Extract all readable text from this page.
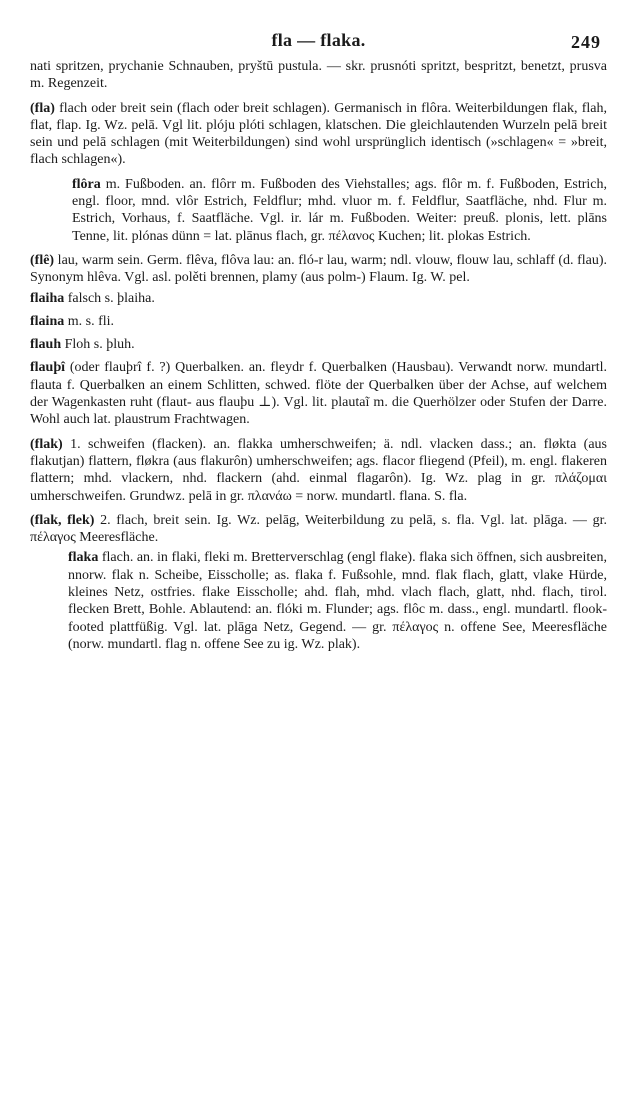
fla — flaka.	249

nati spritzen, prychanie Schnauben, pryštū pustula. — skr. prusnóti spritzt, bespritzt, benetzt, prusva m. Regenzeit.

(fla) flach oder breit sein (flach oder breit schlagen). Germanisch in flôra. Weiterbildungen flak, flah, flat, flap. Ig. Wz. pelā. Vgl lit. plóju plóti schlagen, klatschen. Die gleichlautenden Wurzeln pelā breit sein und pelā schlagen (mit Weiterbildungen) sind wohl ursprünglich identisch (»schlagen« = »breit, flach schlagen«).

flôra m. Fußboden. an. flôrr m. Fußboden des Viehstalles; ags. flôr m. f. Fußboden, Estrich, engl. floor, mnd. vlôr Estrich, Feldflur; mhd. vluor m. f. Feldflur, Saatfläche, nhd. Flur m. Estrich, Vorhaus, f. Saatfläche. Vgl. ir. lár m. Fußboden. Weiter: preuß. plonis, lett. plāns Tenne, lit. plónas dünn = lat. plānus flach, gr. πέλανος Kuchen; lit. plokas Estrich.

(flê) lau, warm sein. Germ. flêva, flôva lau: an. fló-r lau, warm; ndl. vlouw, flouw lau, schlaff (d. flau). Synonym hlêva. Vgl. asl. polěti brennen, plamy (aus polm-) Flaum. Ig. W. pel.

flaiha falsch s. þlaiha.

flaina m. s. fli.

flauh Floh s. þluh.

flauþî (oder flauþrî f. ?) Querbalken. an. fleydr f. Querbalken (Hausbau). Verwandt norw. mundartl. flauta f. Querbalken an einem Schlitten, schwed. flöte der Querbalken über der Achse, auf welchem der Wagenkasten ruht (flaut- aus flauþu ⊥). Vgl. lit. plautaĩ m. die Querhölzer oder Stufen der Darre. Wohl auch lat. plaustrum Frachtwagen.

(flak) 1. schweifen (flacken). an. flakka umherschweifen; ä. ndl. vlacken dass.; an. fløkta (aus flakutjan) flattern, fløkra (aus flakurôn) umherschweifen; ags. flacor fliegend (Pfeil), m. engl. flakeren flattern; mhd. vlackern, nhd. flackern (ahd. einmal flagarôn). Ig. Wz. plag in gr. πλάζομαι umherschweifen. Grundwz. pelā in gr. πλανάω = norw. mundartl. flana. S. fla.

(flak, flek) 2. flach, breit sein. Ig. Wz. pelāg, Weiterbildung zu pelā, s. fla. Vgl. lat. plāga. — gr. πέλαγος Meeresfläche.

flaka flach. an. in flaki, fleki m. Bretterverschlag (engl flake). flaka sich öffnen, sich ausbreiten, nnorw. flak n. Scheibe, Eisscholle; as. flaka f. Fußsohle, mnd. flak flach, glatt, vlake Hürde, kleines Netz, ostfries. flake Eisscholle; ahd. flah, mhd. vlach flach, glatt, nhd. flach, tirol. flecken Brett, Bohle. Ablautend: an. flóki m. Flunder; ags. flôc m. dass., engl. mundartl. flook-footed plattfüßig. Vgl. lat. plāga Netz, Gegend. — gr. πέλαγος n. offene See, Meeresfläche (norw. mundartl. flag n. offene See zu ig. Wz. plak).
